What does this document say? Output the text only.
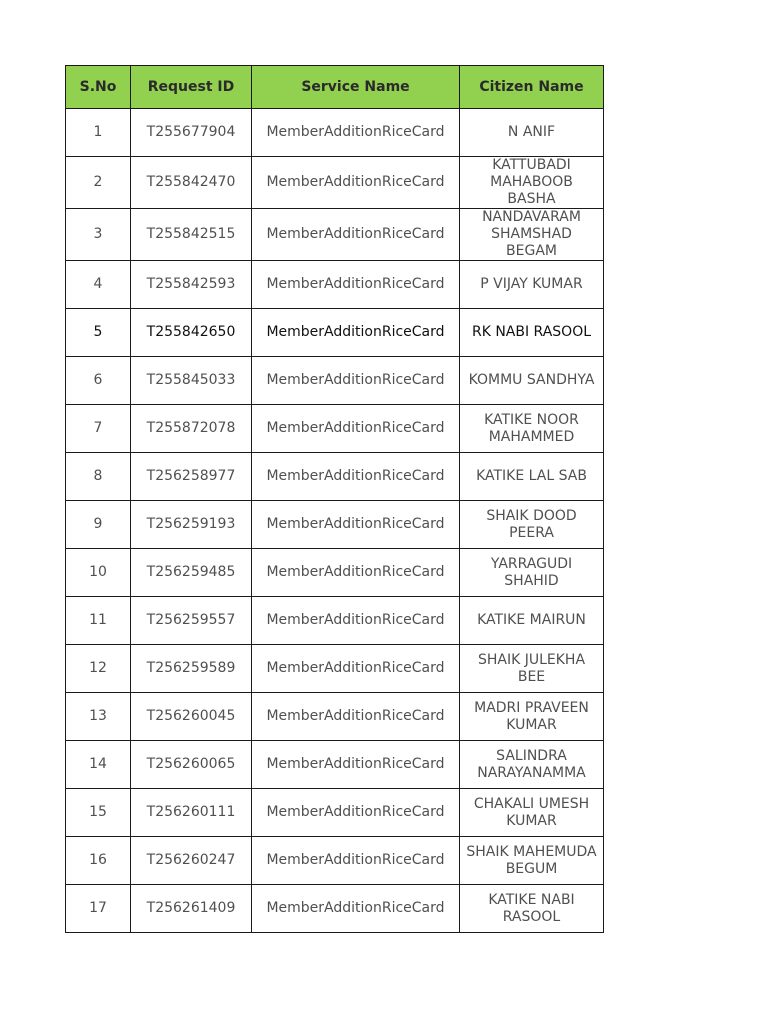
S.No	Request ID	Service Name	Citizen Name
1	T255677904	MemberAdditionRiceCard	N ANIF
2	T255842470	MemberAdditionRiceCard	KATTUBADI MAHABOOB BASHA
3	T255842515	MemberAdditionRiceCard	NANDAVARAM SHAMSHAD BEGAM
4	T255842593	MemberAdditionRiceCard	P VIJAY KUMAR
5	T255842650	MemberAdditionRiceCard	RK NABI RASOOL
6	T255845033	MemberAdditionRiceCard	KOMMU SANDHYA
7	T255872078	MemberAdditionRiceCard	KATIKE NOOR MAHAMMED
8	T256258977	MemberAdditionRiceCard	KATIKE LAL SAB
9	T256259193	MemberAdditionRiceCard	SHAIK DOOD PEERA
10	T256259485	MemberAdditionRiceCard	YARRAGUDI SHAHID
11	T256259557	MemberAdditionRiceCard	KATIKE MAIRUN
12	T256259589	MemberAdditionRiceCard	SHAIK JULEKHA BEE
13	T256260045	MemberAdditionRiceCard	MADRI PRAVEEN KUMAR
14	T256260065	MemberAdditionRiceCard	SALINDRA NARAYANAMMA
15	T256260111	MemberAdditionRiceCard	CHAKALI UMESH KUMAR
16	T256260247	MemberAdditionRiceCard	SHAIK MAHEMUDA BEGUM
17	T256261409	MemberAdditionRiceCard	KATIKE NABI RASOOL
